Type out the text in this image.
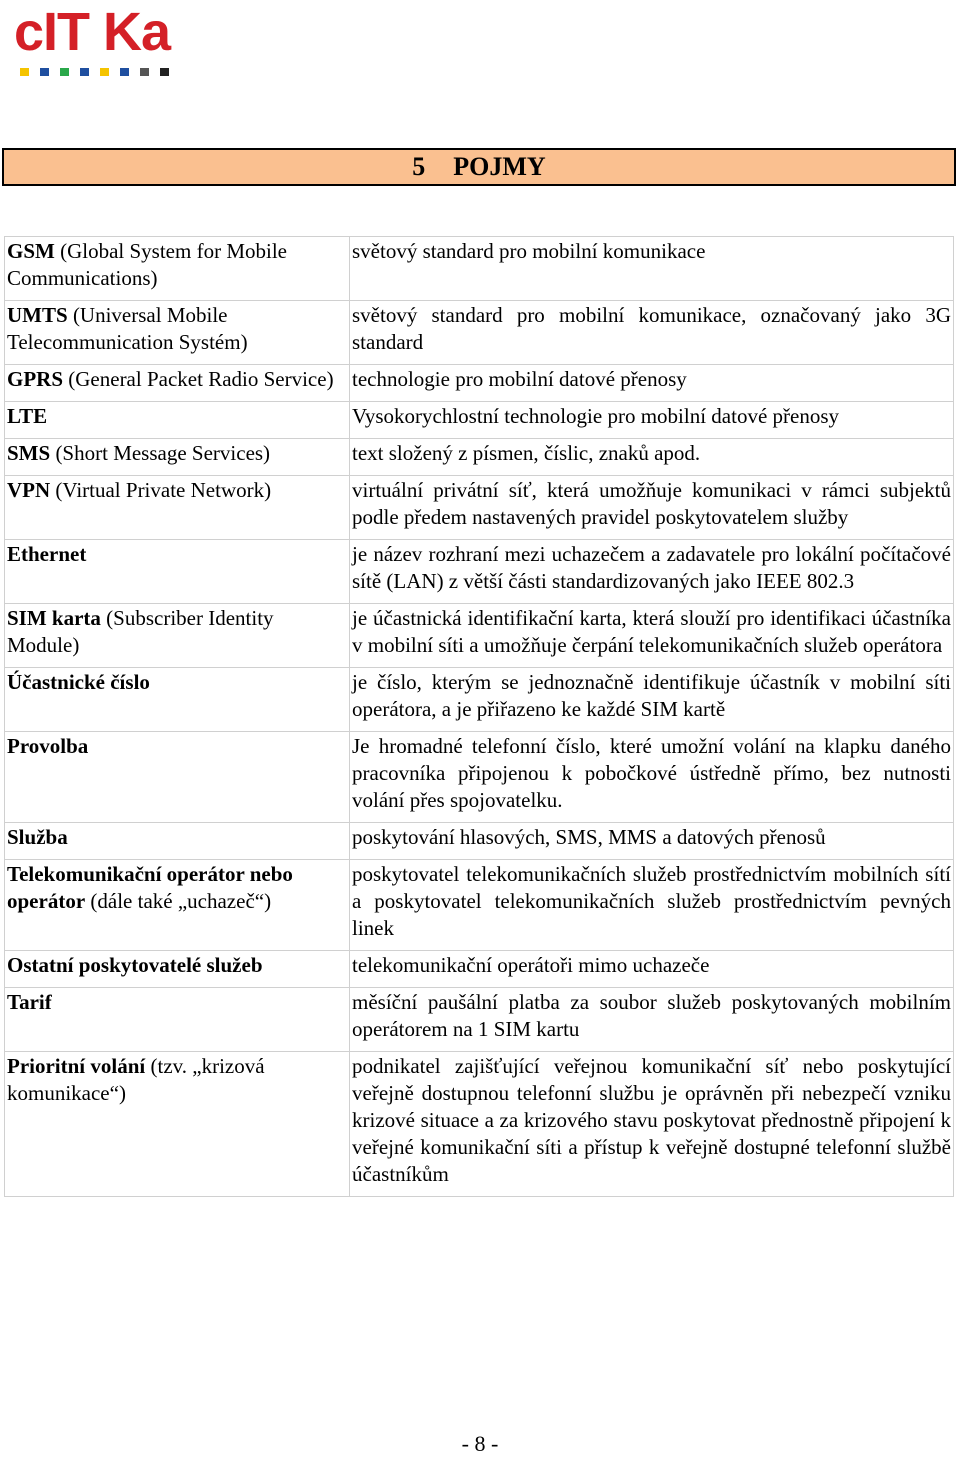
cIT Ka
5 POJMY
GSM (Global System for Mobile Communications)	světový standard pro mobilní komunikace
UMTS (Universal Mobile Telecommunication Systém)	světový standard pro mobilní komunikace, označovaný jako 3G standard
GPRS (General Packet Radio Service)	technologie pro mobilní datové přenosy
LTE	Vysokorychlostní technologie pro mobilní datové přenosy
SMS (Short Message Services)	text složený z písmen, číslic, znaků apod.
VPN (Virtual Private Network)	virtuální privátní síť, která umožňuje komunikaci v rámci subjektů podle předem nastavených pravidel poskytovatelem služby
Ethernet	je název rozhraní mezi uchazečem a zadavatele pro lokální počítačové sítě (LAN) z větší části standardizovaných jako IEEE 802.3
SIM karta (Subscriber Identity Module)	je účastnická identifikační karta, která slouží pro identifikaci účastníka v mobilní síti a umožňuje čerpání telekomunikačních služeb operátora
Účastnické číslo	je číslo, kterým se jednoznačně identifikuje účastník v mobilní síti operátora, a je přiřazeno ke každé SIM kartě
Provolba	Je hromadné telefonní číslo, které umožní volání na klapku daného pracovníka připojenou k pobočkové ústředně přímo, bez nutnosti volání přes spojovatelku.
Služba	poskytování hlasových, SMS, MMS a datových přenosů
Telekomunikační operátor nebo operátor (dále také „uchazeč“)	poskytovatel telekomunikačních služeb prostřednictvím mobilních sítí a poskytovatel telekomunikačních služeb prostřednictvím pevných linek
Ostatní poskytovatelé služeb	telekomunikační operátoři mimo uchazeče
Tarif	měsíční paušální platba za soubor služeb poskytovaných mobilním operátorem na 1 SIM kartu
Prioritní volání (tzv. „krizová komunikace“)	podnikatel zajišťující veřejnou komunikační síť nebo poskytující veřejně dostupnou telefonní službu je oprávněn při nebezpečí vzniku krizové situace a za krizového stavu poskytovat přednostně připojení k veřejné komunikační síti a přístup k veřejně dostupné telefonní službě účastníkům
- 8 -
